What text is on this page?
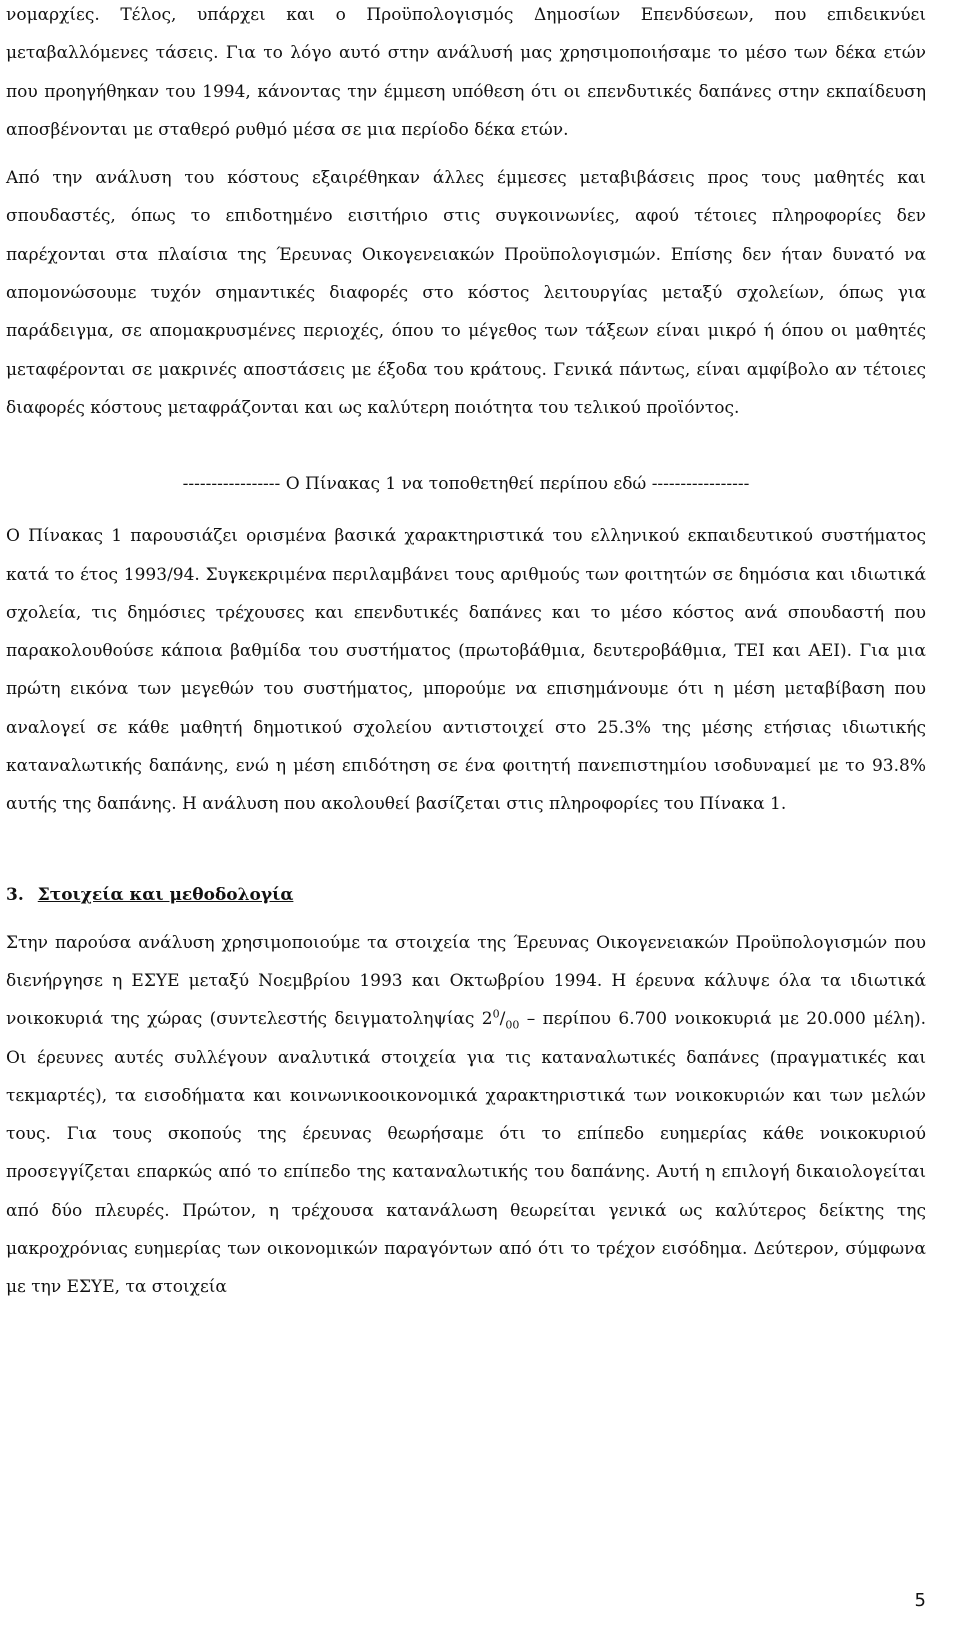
νομαρχίες. Τέλος, υπάρχει και ο Προϋπολογισμός Δημοσίων Επενδύσεων, που επιδεικνύει μεταβαλλόμενες τάσεις. Για το λόγο αυτό στην ανάλυσή μας χρησιμοποιήσαμε το μέσο των δέκα ετών που προηγήθηκαν του 1994, κάνοντας την έμμεση υπόθεση ότι οι επενδυτικές δαπάνες στην εκπαίδευση αποσβένονται με σταθερό ρυθμό μέσα σε μια περίοδο δέκα ετών.

Από την ανάλυση του κόστους εξαιρέθηκαν άλλες έμμεσες μεταβιβάσεις προς τους μαθητές και σπουδαστές, όπως το επιδοτημένο εισιτήριο στις συγκοινωνίες, αφού τέτοιες πληροφορίες δεν παρέχονται στα πλαίσια της Έρευνας Οικογενειακών Προϋπολογισμών. Επίσης δεν ήταν δυνατό να απομονώσουμε τυχόν σημαντικές διαφορές στο κόστος λειτουργίας μεταξύ σχολείων, όπως για παράδειγμα, σε απομακρυσμένες περιοχές, όπου το μέγεθος των τάξεων είναι μικρό ή όπου οι μαθητές μεταφέρονται σε μακρινές αποστάσεις με έξοδα του κράτους. Γενικά πάντως, είναι αμφίβολο αν τέτοιες διαφορές κόστους μεταφράζονται και ως καλύτερη ποιότητα του τελικού προϊόντος.

----------------- Ο Πίνακας 1 να τοποθετηθεί περίπου εδώ -----------------

Ο Πίνακας 1 παρουσιάζει ορισμένα βασικά χαρακτηριστικά του ελληνικού εκπαιδευτικού συστήματος κατά το έτος 1993/94. Συγκεκριμένα περιλαμβάνει τους αριθμούς των φοιτητών σε δημόσια και ιδιωτικά σχολεία, τις δημόσιες τρέχουσες και επενδυτικές δαπάνες και το μέσο κόστος ανά σπουδαστή που παρακολουθούσε κάποια βαθμίδα του συστήματος (πρωτοβάθμια, δευτεροβάθμια, ΤΕΙ και ΑΕΙ). Για μια πρώτη εικόνα των μεγεθών του συστήματος, μπορούμε να επισημάνουμε ότι η μέση μεταβίβαση που αναλογεί σε κάθε μαθητή δημοτικού σχολείου αντιστοιχεί στο 25.3% της μέσης ετήσιας ιδιωτικής καταναλωτικής δαπάνης, ενώ η μέση επιδότηση σε ένα φοιτητή πανεπιστημίου ισοδυναμεί με το 93.8% αυτής της δαπάνης. Η ανάλυση που ακολουθεί βασίζεται στις πληροφορίες του Πίνακα 1.

3. Στοιχεία και μεθοδολογία

Στην παρούσα ανάλυση χρησιμοποιούμε τα στοιχεία της Έρευνας Οικογενειακών Προϋπολογισμών που διενήργησε η ΕΣΥΕ μεταξύ Νοεμβρίου 1993 και Οκτωβρίου 1994. Η έρευνα κάλυψε όλα τα ιδιωτικά νοικοκυριά της χώρας (συντελεστής δειγματοληψίας $2^0/_{00}$ – περίπου 6.700 νοικοκυριά με 20.000 μέλη). Οι έρευνες αυτές συλλέγουν αναλυτικά στοιχεία για τις καταναλωτικές δαπάνες (πραγματικές και τεκμαρτές), τα εισοδήματα και κοινωνικοοικονομικά χαρακτηριστικά των νοικοκυριών και των μελών τους. Για τους σκοπούς της έρευνας θεωρήσαμε ότι το επίπεδο ευημερίας κάθε νοικοκυριού προσεγγίζεται επαρκώς από το επίπεδο της καταναλωτικής του δαπάνης. Αυτή η επιλογή δικαιολογείται από δύο πλευρές. Πρώτον, η τρέχουσα κατανάλωση θεωρείται γενικά ως καλύτερος δείκτης της μακροχρόνιας ευημερίας των οικονομικών παραγόντων από ότι το τρέχον εισόδημα. Δεύτερον, σύμφωνα με την ΕΣΥΕ, τα στοιχεία

5
